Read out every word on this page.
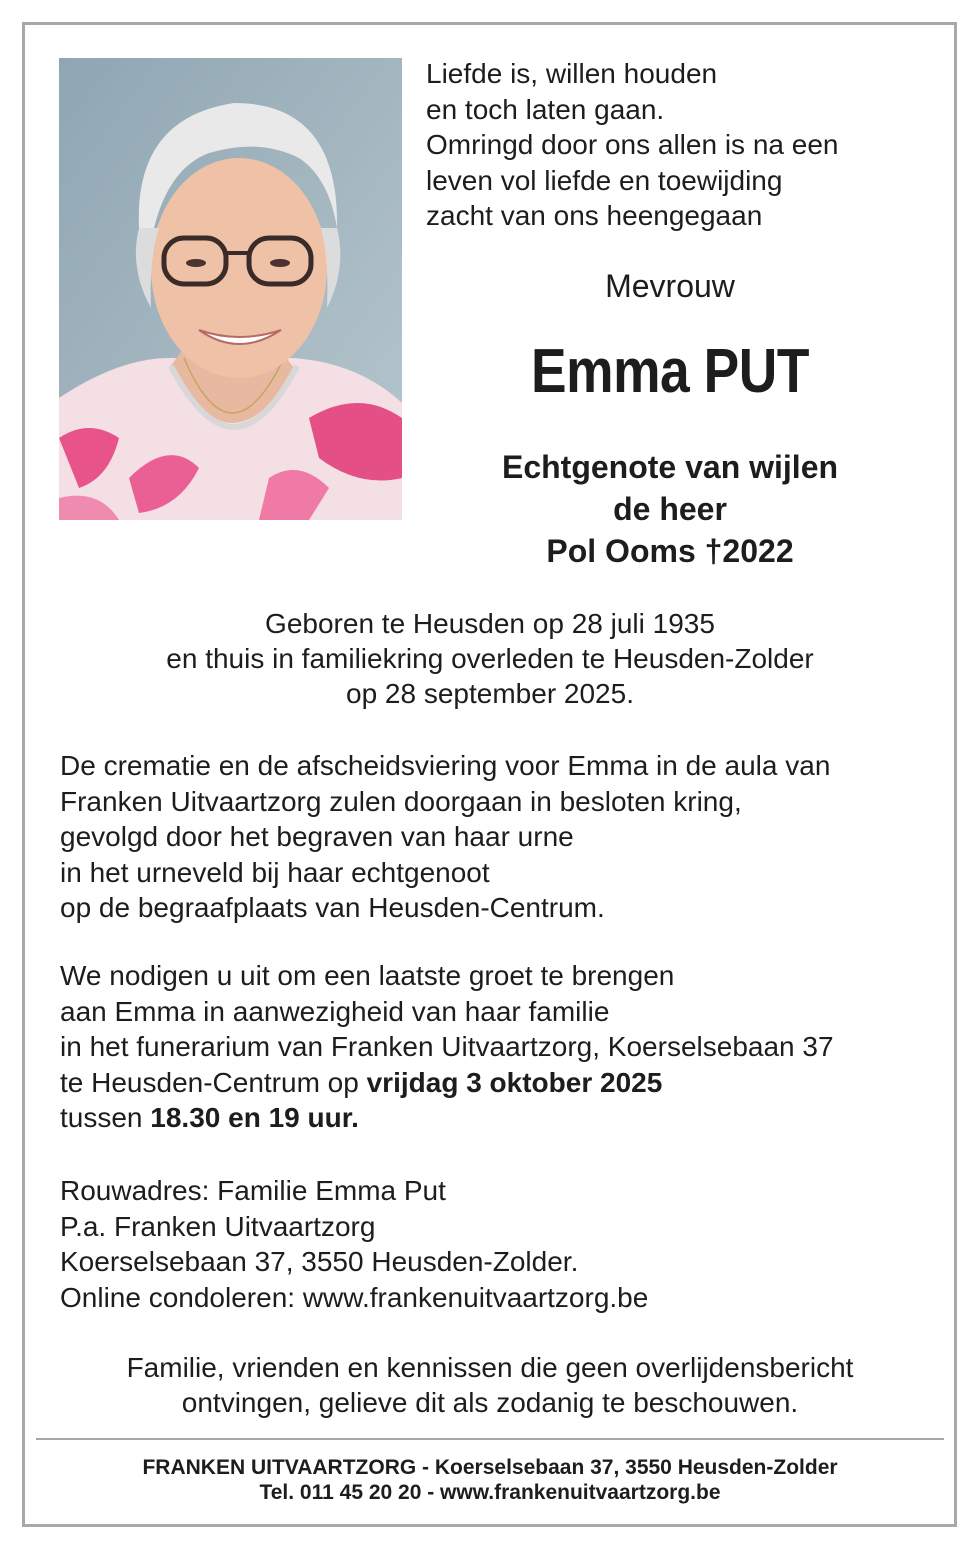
Liefde is, willen houden
en toch laten gaan.
Omringd door ons allen is na een
leven vol liefde en toewijding
zacht van ons heengegaan
Mevrouw
Emma PUT
Echtgenote van wijlen
de heer
Pol Ooms †2022
Geboren te Heusden op 28 juli 1935
en thuis in familiekring overleden te Heusden-Zolder
op 28 september 2025.
De crematie en de afscheidsviering voor Emma in de aula van
Franken Uitvaartzorg zulen doorgaan in besloten kring,
gevolgd door het begraven van haar urne
in het urneveld bij haar echtgenoot
op de begraafplaats van Heusden-Centrum.
We nodigen u uit om een laatste groet te brengen
aan Emma in aanwezigheid van haar familie
in het funerarium van Franken Uitvaartzorg, Koerselsebaan 37
te Heusden-Centrum op vrijdag 3 oktober 2025
tussen 18.30 en 19 uur.
Rouwadres: Familie Emma Put
P.a. Franken Uitvaartzorg
Koerselsebaan 37, 3550 Heusden-Zolder.
Online condoleren: www.frankenuitvaartzorg.be
Familie, vrienden en kennissen die geen overlijdensbericht
ontvingen, gelieve dit als zodanig te beschouwen.
FRANKEN UITVAARTZORG - Koerselsebaan 37, 3550 Heusden-Zolder
Tel. 011 45 20 20 - www.frankenuitvaartzorg.be
